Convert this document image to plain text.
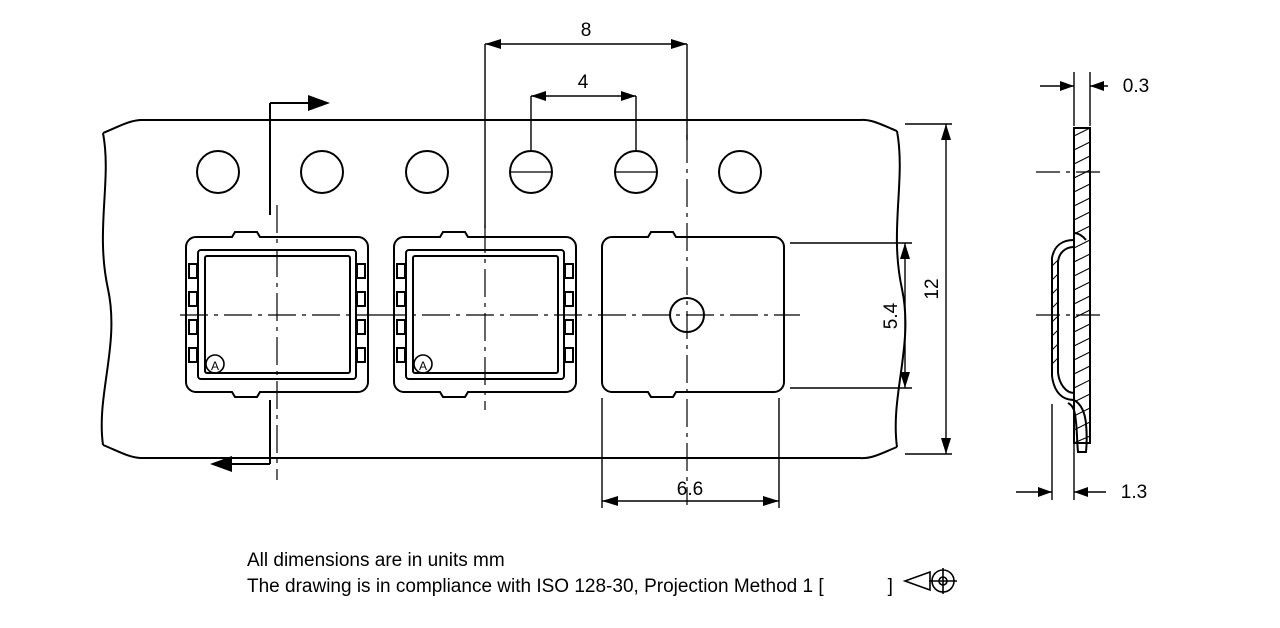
A	A
8
4
12
5.4
6.6
0.3
1.3
All dimensions are in units mm
The drawing is in compliance with ISO 128-30, Projection Method 1 [	]
